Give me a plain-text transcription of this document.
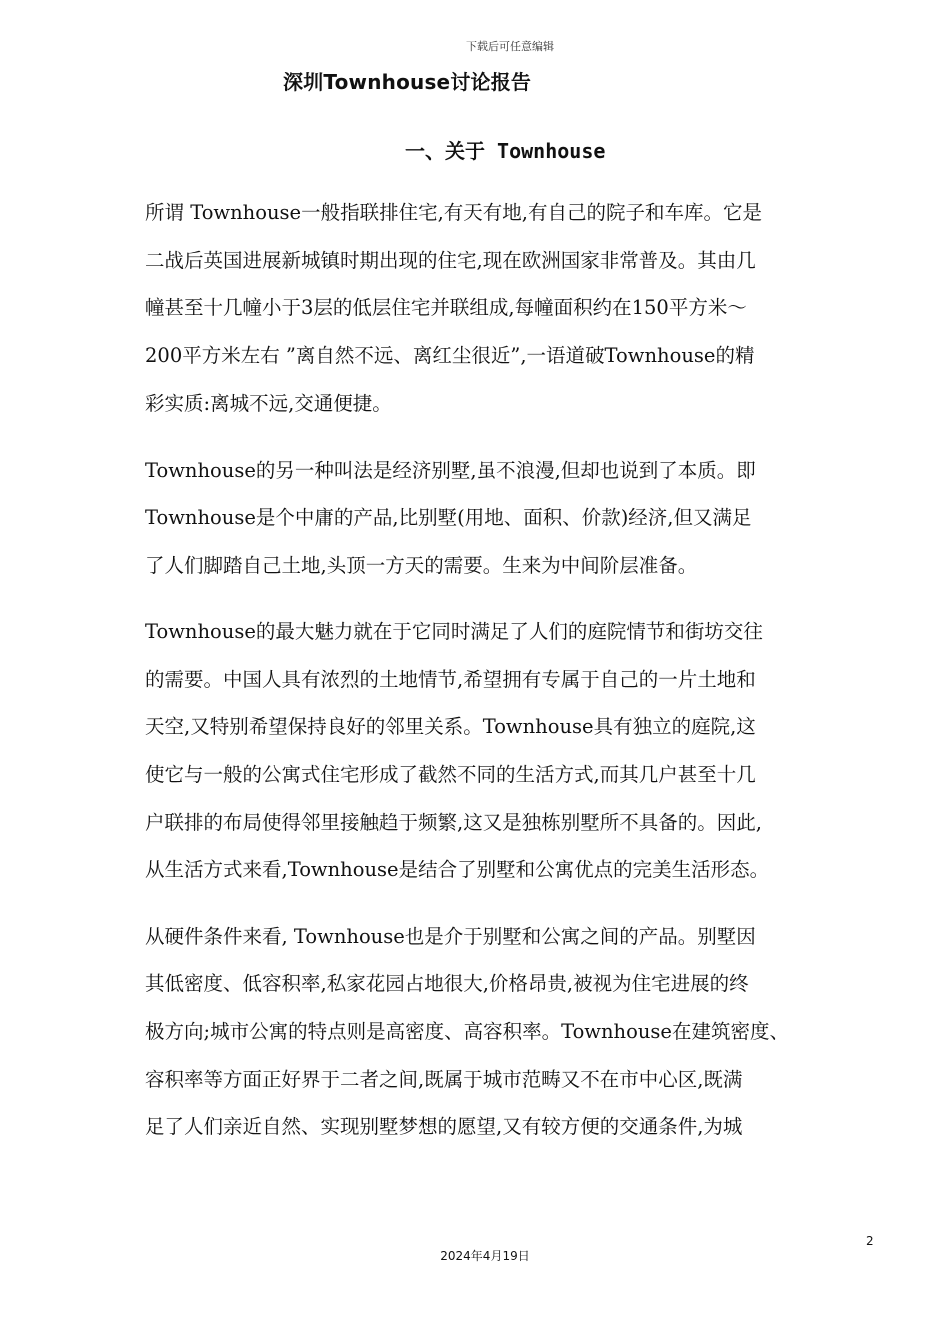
下载后可任意编辑
深圳Townhouse讨论报告
一、关于 Townhouse
所谓 Townhouse一般指联排住宅,有天有地,有自己的院子和车库。它是
二战后英国进展新城镇时期出现的住宅,现在欧洲国家非常普及。其由几
幢甚至十几幢小于3层的低层住宅并联组成,每幢面积约在150平方米～
200平方米左右 ”离自然不远、离红尘很近”,一语道破Townhouse的精
彩实质:离城不远,交通便捷。
Townhouse的另一种叫法是经济别墅,虽不浪漫,但却也说到了本质。即
Townhouse是个中庸的产品,比别墅(用地、面积、价款)经济,但又满足
了人们脚踏自己土地,头顶一方天的需要。生来为中间阶层准备。
Townhouse的最大魅力就在于它同时满足了人们的庭院情节和街坊交往
的需要。中国人具有浓烈的土地情节,希望拥有专属于自己的一片土地和
天空,又特别希望保持良好的邻里关系。Townhouse具有独立的庭院,这
使它与一般的公寓式住宅形成了截然不同的生活方式,而其几户甚至十几
户联排的布局使得邻里接触趋于频繁,这又是独栋别墅所不具备的。因此,
从生活方式来看,Townhouse是结合了别墅和公寓优点的完美生活形态。
从硬件条件来看, Townhouse也是介于别墅和公寓之间的产品。别墅因
其低密度、低容积率,私家花园占地很大,价格昂贵,被视为住宅进展的终
极方向;城市公寓的特点则是高密度、高容积率。Townhouse在建筑密度、
容积率等方面正好界于二者之间,既属于城市范畴又不在市中心区,既满
足了人们亲近自然、实现别墅梦想的愿望,又有较方便的交通条件,为城
2
2024年4月19日
